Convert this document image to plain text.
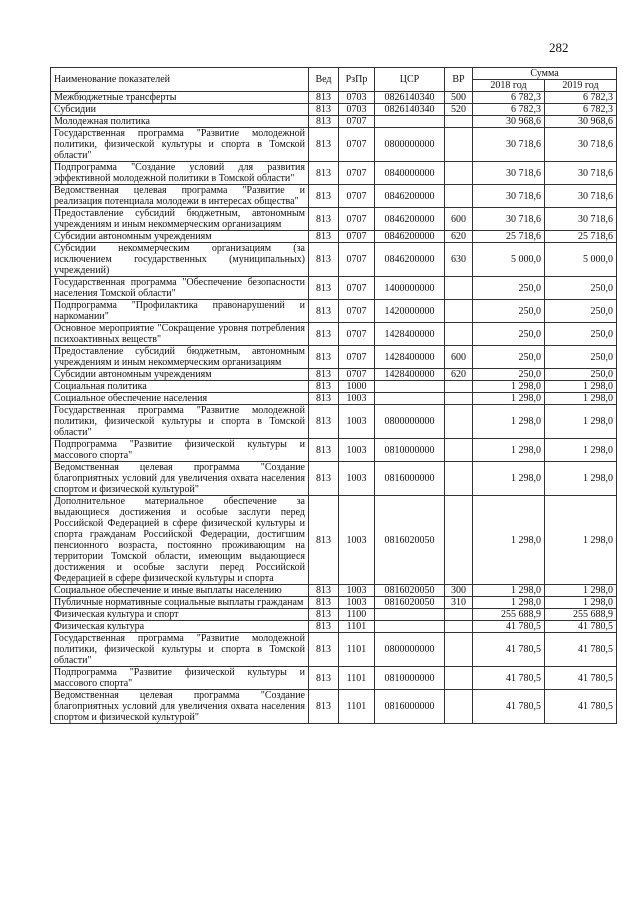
282
Наименование показателей	Вед	РзПр	ЦСР	ВР	Сумма	
					2018 год	2019 год
Межбюджетные трансферты	813	0703	0826140340	500	6 782,3	6 782,3
Субсидии	813	0703	0826140340	520	6 782,3	6 782,3
Молодежная политика	813	0707			30 968,6	30 968,6
Государственная программа "Развитие молодежной политики, физической культуры и спорта в Томской области"	813	0707	0800000000		30 718,6	30 718,6
Подпрограмма "Создание условий для развития эффективной молодежной политики в Томской области"	813	0707	0840000000		30 718,6	30 718,6
Ведомственная целевая программа "Развитие и реализация потенциала молодежи в интересах общества"	813	0707	0846200000		30 718,6	30 718,6
Предоставление субсидий бюджетным, автономным учреждениям и иным некоммерческим организациям	813	0707	0846200000	600	30 718,6	30 718,6
Субсидии автономным учреждениям	813	0707	0846200000	620	25 718,6	25 718,6
Субсидии некоммерческим организациям (за исключением государственных (муниципальных) учреждений)	813	0707	0846200000	630	5 000,0	5 000,0
Государственная программа "Обеспечение безопасности населения Томской области"	813	0707	1400000000		250,0	250,0
Подпрограмма "Профилактика правонарушений и наркомании"	813	0707	1420000000		250,0	250,0
Основное мероприятие "Сокращение уровня потребления психоактивных веществ"	813	0707	1428400000		250,0	250,0
Предоставление субсидий бюджетным, автономным учреждениям и иным некоммерческим организациям	813	0707	1428400000	600	250,0	250,0
Субсидии автономным учреждениям	813	0707	1428400000	620	250,0	250,0
Социальная политика	813	1000			1 298,0	1 298,0
Социальное обеспечение населения	813	1003			1 298,0	1 298,0
Государственная программа "Развитие молодежной политики, физической культуры и спорта в Томской области"	813	1003	0800000000		1 298,0	1 298,0
Подпрограмма "Развитие физической культуры и массового спорта"	813	1003	0810000000		1 298,0	1 298,0
Ведомственная целевая программа "Создание благоприятных условий для увеличения охвата населения спортом и физической культурой"	813	1003	0816000000		1 298,0	1 298,0
Дополнительное материальное обеспечение за выдающиеся достижения и особые заслуги перед Российской Федерацией в сфере физической культуры и спорта гражданам Российской Федерации, достигшим пенсионного возраста, постоянно проживающим на территории Томской области, имеющим выдающиеся достижения и особые заслуги перед Российской Федерацией в сфере физической культуры и спорта	813	1003	0816020050		1 298,0	1 298,0
Социальное обеспечение и иные выплаты населению	813	1003	0816020050	300	1 298,0	1 298,0
Публичные нормативные социальные выплаты гражданам	813	1003	0816020050	310	1 298,0	1 298,0
Физическая культура и спорт	813	1100			255 688,9	255 688,9
Физическая культура	813	1101			41 780,5	41 780,5
Государственная программа "Развитие молодежной политики, физической культуры и спорта в Томской области"	813	1101	0800000000		41 780,5	41 780,5
Подпрограмма "Развитие физической культуры и массового спорта"	813	1101	0810000000		41 780,5	41 780,5
Ведомственная целевая программа "Создание благоприятных условий для увеличения охвата населения спортом и физической культурой"	813	1101	0816000000		41 780,5	41 780,5
